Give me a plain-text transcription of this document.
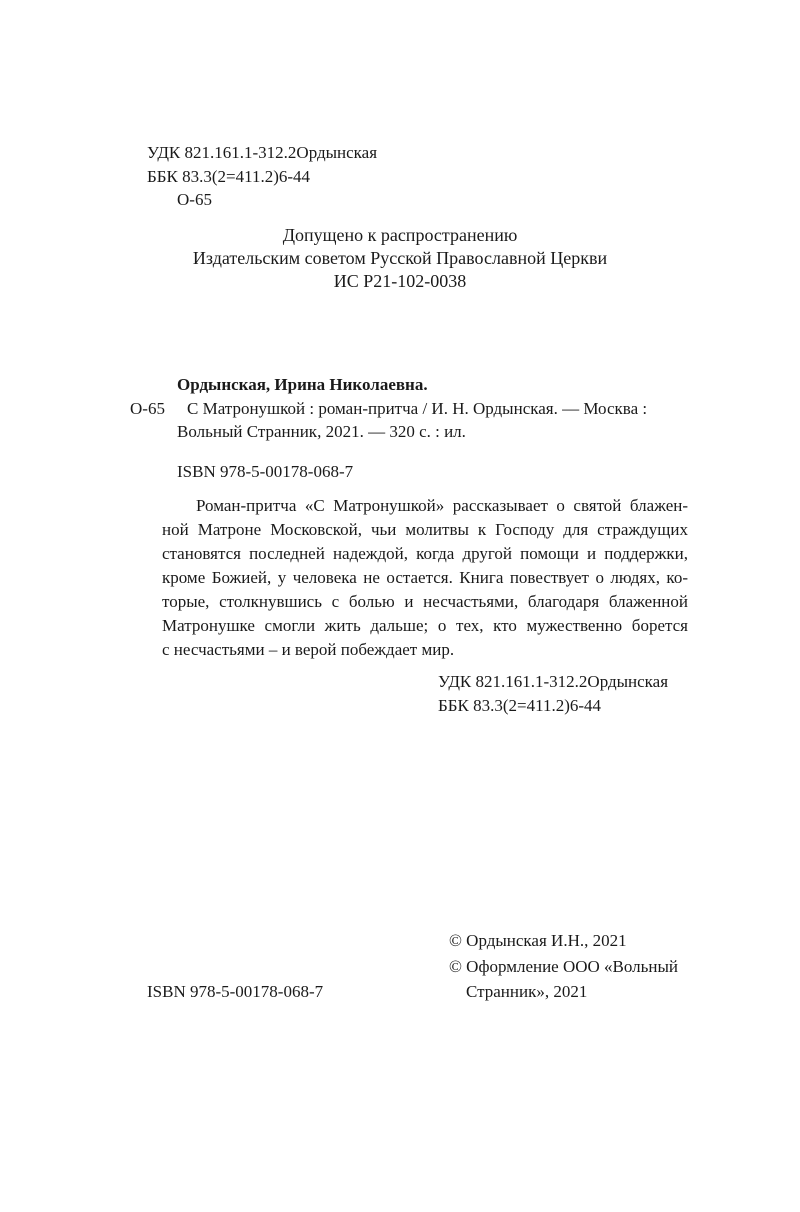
УДК 821.161.1-312.2Ордынская
ББК 83.3(2=411.2)6-44
О-65
Допущено к распространению
Издательским советом Русской Православной Церкви
ИС Р21-102-0038
Ордынская, Ирина Николаевна.
О-65 С Матронушкой : роман-притча / И. Н. Ордынская. — Москва :
Вольный Странник, 2021. — 320 с. : ил.
ISBN 978-5-00178-068-7
Роман-притча «С Матронушкой» рассказывает о святой блажен-
ной Матроне Московской, чьи молитвы к Господу для страждущих
становятся последней надеждой, когда другой помощи и поддержки,
кроме Божией, у человека не остается. Книга повествует о людях, ко-
торые, столкнувшись с болью и несчастьями, благодаря блаженной
Матронушке смогли жить дальше; о тех, кто мужественно борется
с несчастьями – и верой побеждает мир.
УДК 821.161.1-312.2Ордынская
ББК 83.3(2=411.2)6-44
© Ордынская И.Н., 2021
© Оформление ООО «Вольный
Странник», 2021
ISBN 978-5-00178-068-7
